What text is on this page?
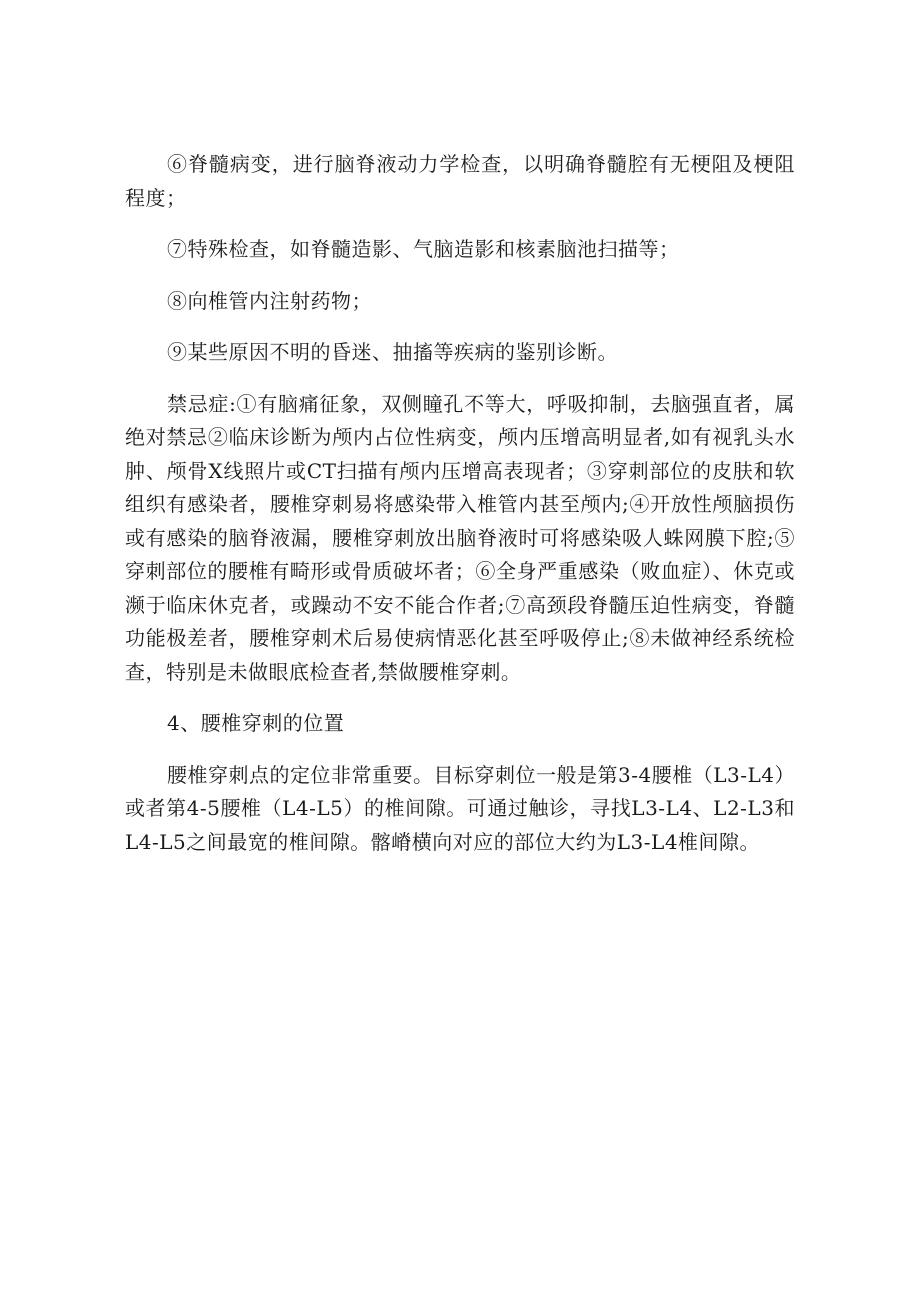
⑥脊髓病变，进行脑脊液动力学检查，以明确脊髓腔有无梗阻及梗阻程度；

⑦特殊检查，如脊髓造影、气脑造影和核素脑池扫描等；

⑧向椎管内注射药物；

⑨某些原因不明的昏迷、抽搐等疾病的鉴别诊断。

禁忌症:①有脑痛征象，双侧瞳孔不等大，呼吸抑制，去脑强直者，属绝对禁忌②临床诊断为颅内占位性病变，颅内压增高明显者,如有视乳头水肿、颅骨X线照片或CT扫描有颅内压增高表现者；③穿刺部位的皮肤和软组织有感染者，腰椎穿刺易将感染带入椎管内甚至颅内;④开放性颅脑损伤或有感染的脑脊液漏，腰椎穿刺放出脑脊液时可将感染吸人蛛网膜下腔;⑤穿刺部位的腰椎有畸形或骨质破坏者；⑥全身严重感染（败血症）、休克或濒于临床休克者，或躁动不安不能合作者;⑦高颈段脊髓压迫性病变，脊髓功能极差者，腰椎穿刺术后易使病情恶化甚至呼吸停止;⑧未做神经系统检查，特别是未做眼底检查者,禁做腰椎穿刺。

4、腰椎穿刺的位置

腰椎穿刺点的定位非常重要。目标穿刺位一般是第3-4腰椎（L3-L4）或者第4-5腰椎（L4-L5）的椎间隙。可通过触诊，寻找L3-L4、L2-L3和L4-L5之间最宽的椎间隙。髂嵴横向对应的部位大约为L3-L4椎间隙。
